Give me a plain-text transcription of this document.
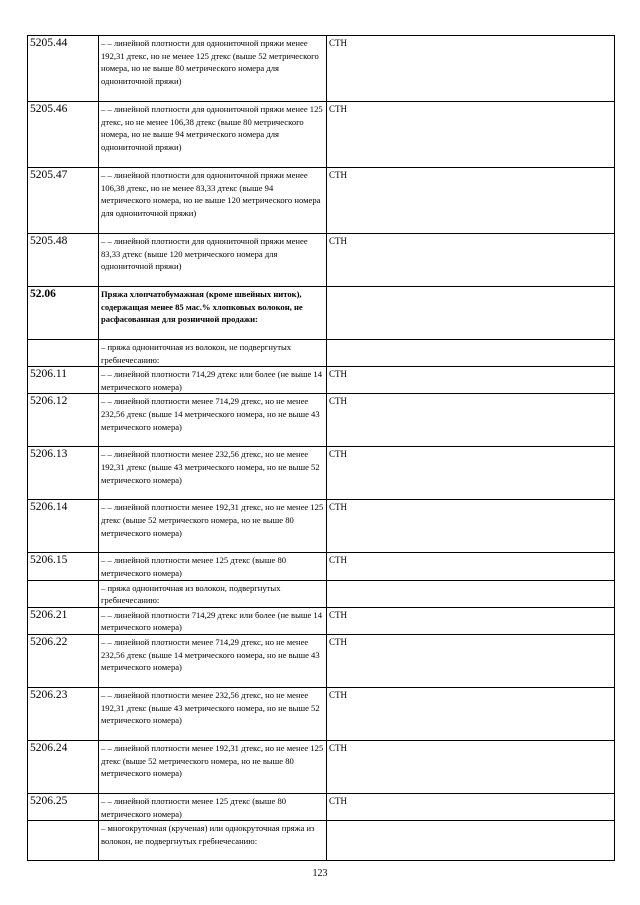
5205.44	– – линейной плотности для однониточной пряжи менее 192,31 дтекс, но не менее 125 дтекс (выше 52 метрического номера, но не выше 80 метрического номера для однониточной пряжи)	СТН
5205.46	– – линейной плотности для однониточной пряжи менее 125 дтекс, но не менее 106,38 дтекс (выше 80 метрического номера, но не выше 94 метрического номера для однониточной пряжи)	СТН
5205.47	– – линейной плотности для однониточной пряжи менее 106,38 дтекс, но не менее 83,33 дтекс (выше 94 метрического номера, но не выше 120 метрического номера для однониточной пряжи)	СТН
5205.48	– – линейной плотности для однониточной пряжи менее 83,33 дтекс (выше 120 метрического номера для однониточной пряжи)	СТН
52.06	Пряжа хлопчатобумажная (кроме швейных ниток), содержащая менее 85 мас.% хлопковых волокон, не расфасованная для розничной продажи:	
	– пряжа однониточная из волокон, не подвергнутых гребнечесанию:	
5206.11	– – линейной плотности 714,29 дтекс или более (не выше 14 метрического номера)	СТН
5206.12	– – линейной плотности менее 714,29 дтекс, но не менее 232,56 дтекс (выше 14 метрического номера, но не выше 43 метрического номера)	СТН
5206.13	– – линейной плотности менее 232,56 дтекс, но не менее 192,31 дтекс (выше 43 метрического номера, но не выше 52 метрического номера)	СТН
5206.14	– – линейной плотности менее 192,31 дтекс, но не менее 125 дтекс (выше 52 метрического номера, но не выше 80 метрического номера)	СТН
5206.15	– – линейной плотности менее 125 дтекс (выше 80 метрического номера)	СТН
	– пряжа однониточная из волокон, подвергнутых гребнечесанию:	
5206.21	– – линейной плотности 714,29 дтекс или более (не выше 14 метрического номера)	СТН
5206.22	– – линейной плотности менее 714,29 дтекс, но не менее 232,56 дтекс (выше 14 метрического номера, но не выше 43 метрического номера)	СТН
5206.23	– – линейной плотности менее 232,56 дтекс, но не менее 192,31 дтекс (выше 43 метрического номера, но не выше 52 метрического номера)	СТН
5206.24	– – линейной плотности менее 192,31 дтекс, но не менее 125 дтекс (выше 52 метрического номера, но не выше 80 метрического номера)	СТН
5206.25	– – линейной плотности менее 125 дтекс (выше 80 метрического номера)	СТН
	– многокруточная (крученая) или однокруточная пряжа из волокон, не подвергнутых гребнечесанию:	
123
